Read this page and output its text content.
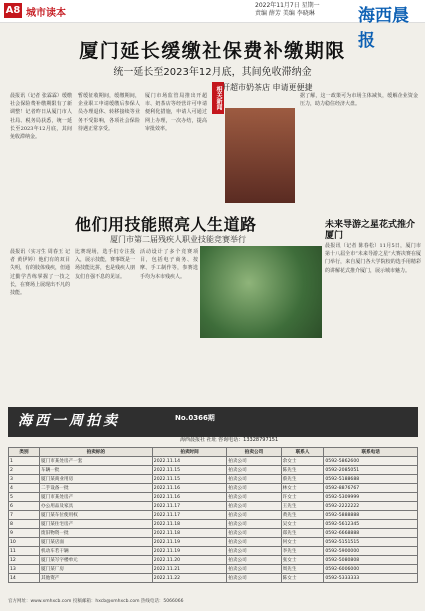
A8 城市读本
2022年11月7日 星期一
责编 薛芳 美编 李晓琳	海西晨报
厦门延长缓缴社保费补缴期限
统一延长至2023年12月底，其间免收滞纳金
晨报讯（记者 张霖霖）缓缴社会保险费补缴期限有了新调整！记者昨日从厦门市人社局、税务局获悉，统一延长至2023年12月底，其间免收滞纳金。
暂缓征收期间，缓缴期间，企业职工申请缓缴后参保人员办理退休、转移接续等业务不受影响，各项社会保险待遇正常享受。
厦门市场监管局推出开超市、奶茶店等经营许可申请便利化措施，申请人可通过网上办理，一次办结，提高审批效率。
相关新闻 开超市奶茶店 申请更便捷
据了解，这一政策可为市场主体减负，缓解企业资金压力，助力稳住经济大盘。
他们用技能照亮人生道路
厦门市第二届残疾人职业技能竞赛举行
晨报讯（实习生 周春玉 记者 黄伊婷）他们有的双目失明，有的肢体残疾，但通过勤学苦练掌握了一技之长，在赛场上展现出不凡的技能。
比赛现场，选手们专注投入，展示技能，赛事既是一场技能比拼，也是残疾人朋友们自强不息的见证。
活动设计了多个竞赛项目，包括电子商务、按摩、手工制作等，参赛选手均为本市残疾人。
未来导游之星花式推介厦门
晨报讯（记者 陈春松）11月5日，厦门市第十八届全市“未来导游之星”大赛决赛在厦门举行，来自厦门各大学院校的选手用精彩的讲解花式推介厦门，展示城市魅力。
海西一周拍卖	No.0366期
海西晨报社 社址 咨询电话：13328797151
类别	拍卖标的	拍卖时间	拍卖公司	联系人	联系电话
1	厦门市某处房产一套	2022.11.14	拍卖公司	余女士	0592-5862600
2	车辆一批	2022.11.15	拍卖公司	陈先生	0592-2085051
3	厦门某商业用房	2022.11.15	拍卖公司	蔡先生	0592-5188688
4	二手设备一批	2022.11.16	拍卖公司	林女士	0592-8876767
5	厦门市某处房产	2022.11.16	拍卖公司	许女士	0592-5309999
6	办公用品及家具	2022.11.17	拍卖公司	王先生	0592-2222222
7	厦门某车位使用权	2022.11.17	拍卖公司	黄先生	0592-5888888
8	厦门某住宅房产	2022.11.18	拍卖公司	吴女士	0592-5612345
9	废旧物资一批	2022.11.18	拍卖公司	郑先生	0592-6668888
10	厦门某店面	2022.11.19	拍卖公司	何女士	0592-5151515
11	机动车若干辆	2022.11.19	拍卖公司	李先生	0592-5900000
12	厦门某写字楼单元	2022.11.20	拍卖公司	张女士	0592-5080808
13	厦门某厂房	2022.11.21	拍卖公司	周先生	0592-6006000
14	其他资产	2022.11.22	拍卖公司	陈女士	0592-5333333
官方网址：www.xmhxcb.com 投稿邮箱：hxcb@xmhxcb.com 热线电话：5066066
